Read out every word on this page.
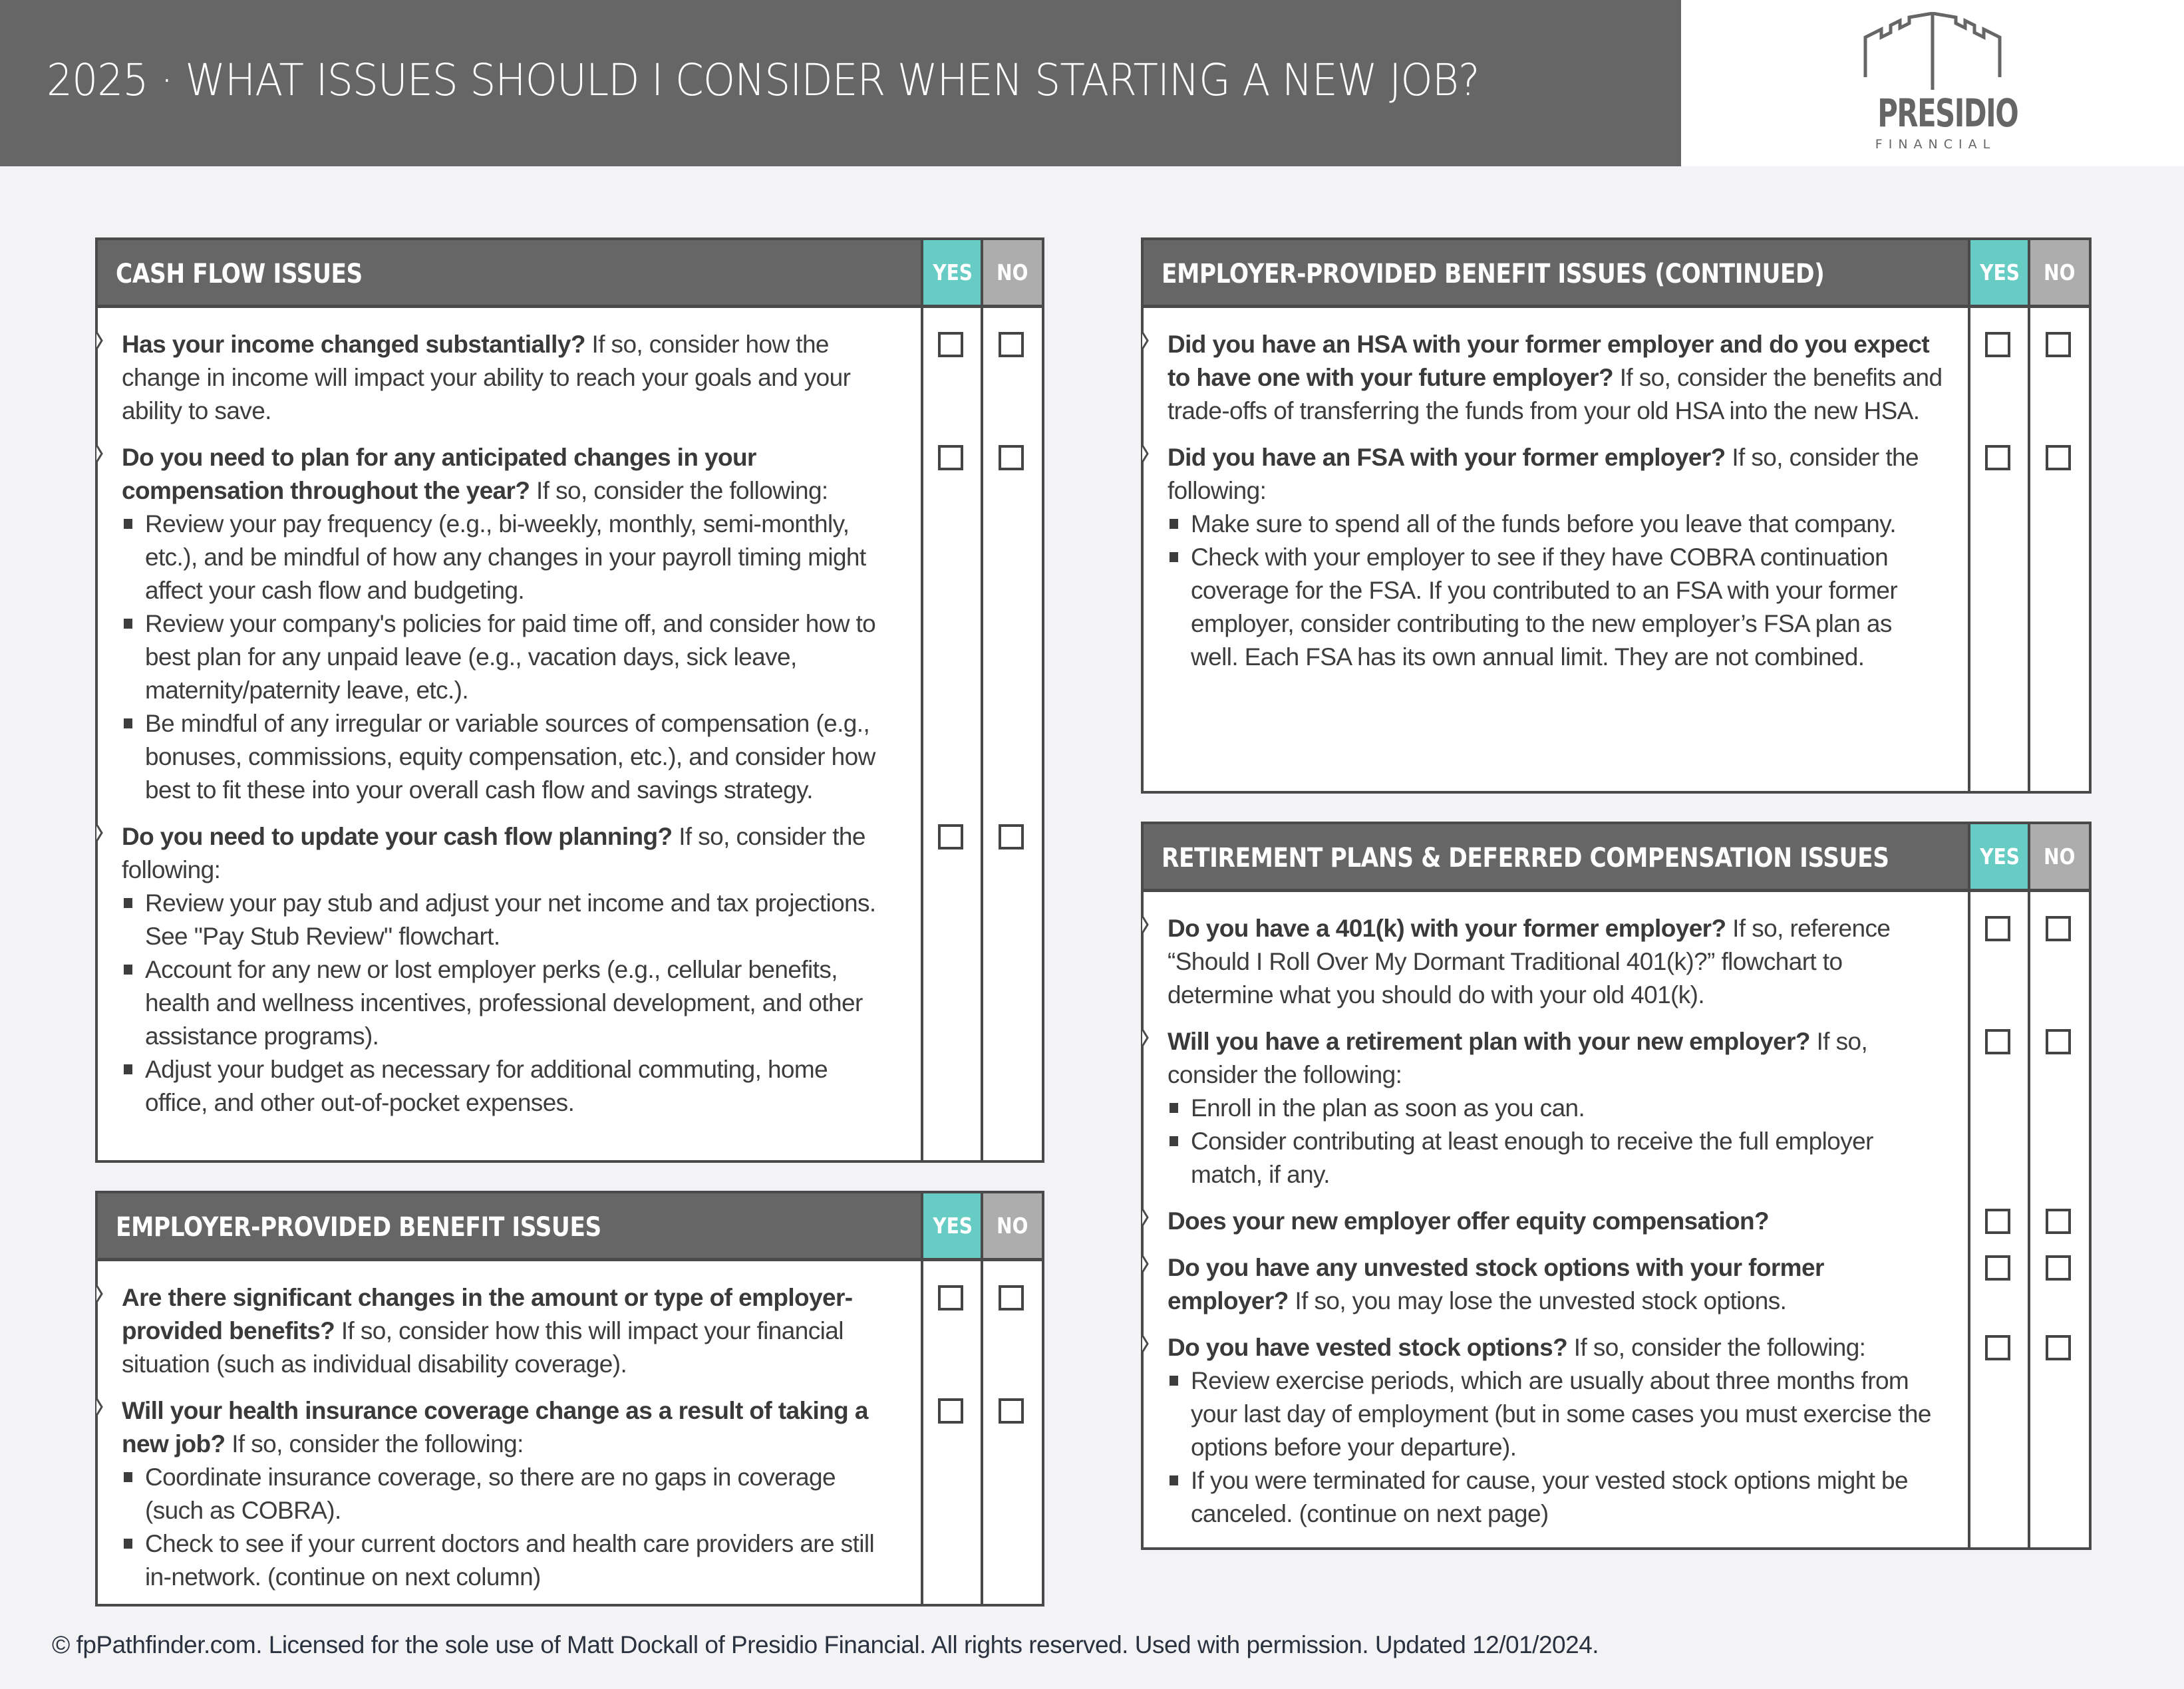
2025 · WHAT ISSUES SHOULD I CONSIDER WHEN STARTING A NEW JOB?
PRESIDIO
FINANCIAL
CASH FLOW ISSUES	YES	NO
Has your income changed substantially? If so, consider how the change in income will impact your ability to reach your goals and your ability to save.
Do you need to plan for any anticipated changes in your compensation throughout the year? If so, consider the following:
Review your pay frequency (e.g., bi-weekly, monthly, semi-monthly, etc.), and be mindful of how any changes in your payroll timing might affect your cash flow and budgeting.
Review your company's policies for paid time off, and consider how to best plan for any unpaid leave (e.g., vacation days, sick leave, maternity/paternity leave, etc.).
Be mindful of any irregular or variable sources of compensation (e.g., bonuses, commissions, equity compensation, etc.), and consider how best to fit these into your overall cash flow and savings strategy.
Do you need to update your cash flow planning? If so, consider the following:
Review your pay stub and adjust your net income and tax projections. See "Pay Stub Review" flowchart.
Account for any new or lost employer perks (e.g., cellular benefits, health and wellness incentives, professional development, and other assistance programs).
Adjust your budget as necessary for additional commuting, home office, and other out-of-pocket expenses.
EMPLOYER-PROVIDED BENEFIT ISSUES	YES	NO
Are there significant changes in the amount or type of employer-provided benefits? If so, consider how this will impact your financial situation (such as individual disability coverage).
Will your health insurance coverage change as a result of taking a new job? If so, consider the following:
Coordinate insurance coverage, so there are no gaps in coverage (such as COBRA).
Check to see if your current doctors and health care providers are still in-network. (continue on next column)
EMPLOYER-PROVIDED BENEFIT ISSUES (CONTINUED)	YES	NO
Did you have an HSA with your former employer and do you expect to have one with your future employer? If so, consider the benefits and trade-offs of transferring the funds from your old HSA into the new HSA.
Did you have an FSA with your former employer? If so, consider the following:
Make sure to spend all of the funds before you leave that company.
Check with your employer to see if they have COBRA continuation coverage for the FSA. If you contributed to an FSA with your former employer, consider contributing to the new employer’s FSA plan as well. Each FSA has its own annual limit. They are not combined.
RETIREMENT PLANS & DEFERRED COMPENSATION ISSUES	YES	NO
Do you have a 401(k) with your former employer? If so, reference “Should I Roll Over My Dormant Traditional 401(k)?” flowchart to determine what you should do with your old 401(k).
Will you have a retirement plan with your new employer? If so, consider the following:
Enroll in the plan as soon as you can.
Consider contributing at least enough to receive the full employer match, if any.
Does your new employer offer equity compensation?
Do you have any unvested stock options with your former employer? If so, you may lose the unvested stock options.
Do you have vested stock options? If so, consider the following:
Review exercise periods, which are usually about three months from your last day of employment (but in some cases you must exercise the options before your departure).
If you were terminated for cause, your vested stock options might be canceled. (continue on next page)
© fpPathfinder.com. Licensed for the sole use of Matt Dockall of Presidio Financial. All rights reserved. Used with permission. Updated 12/01/2024.
